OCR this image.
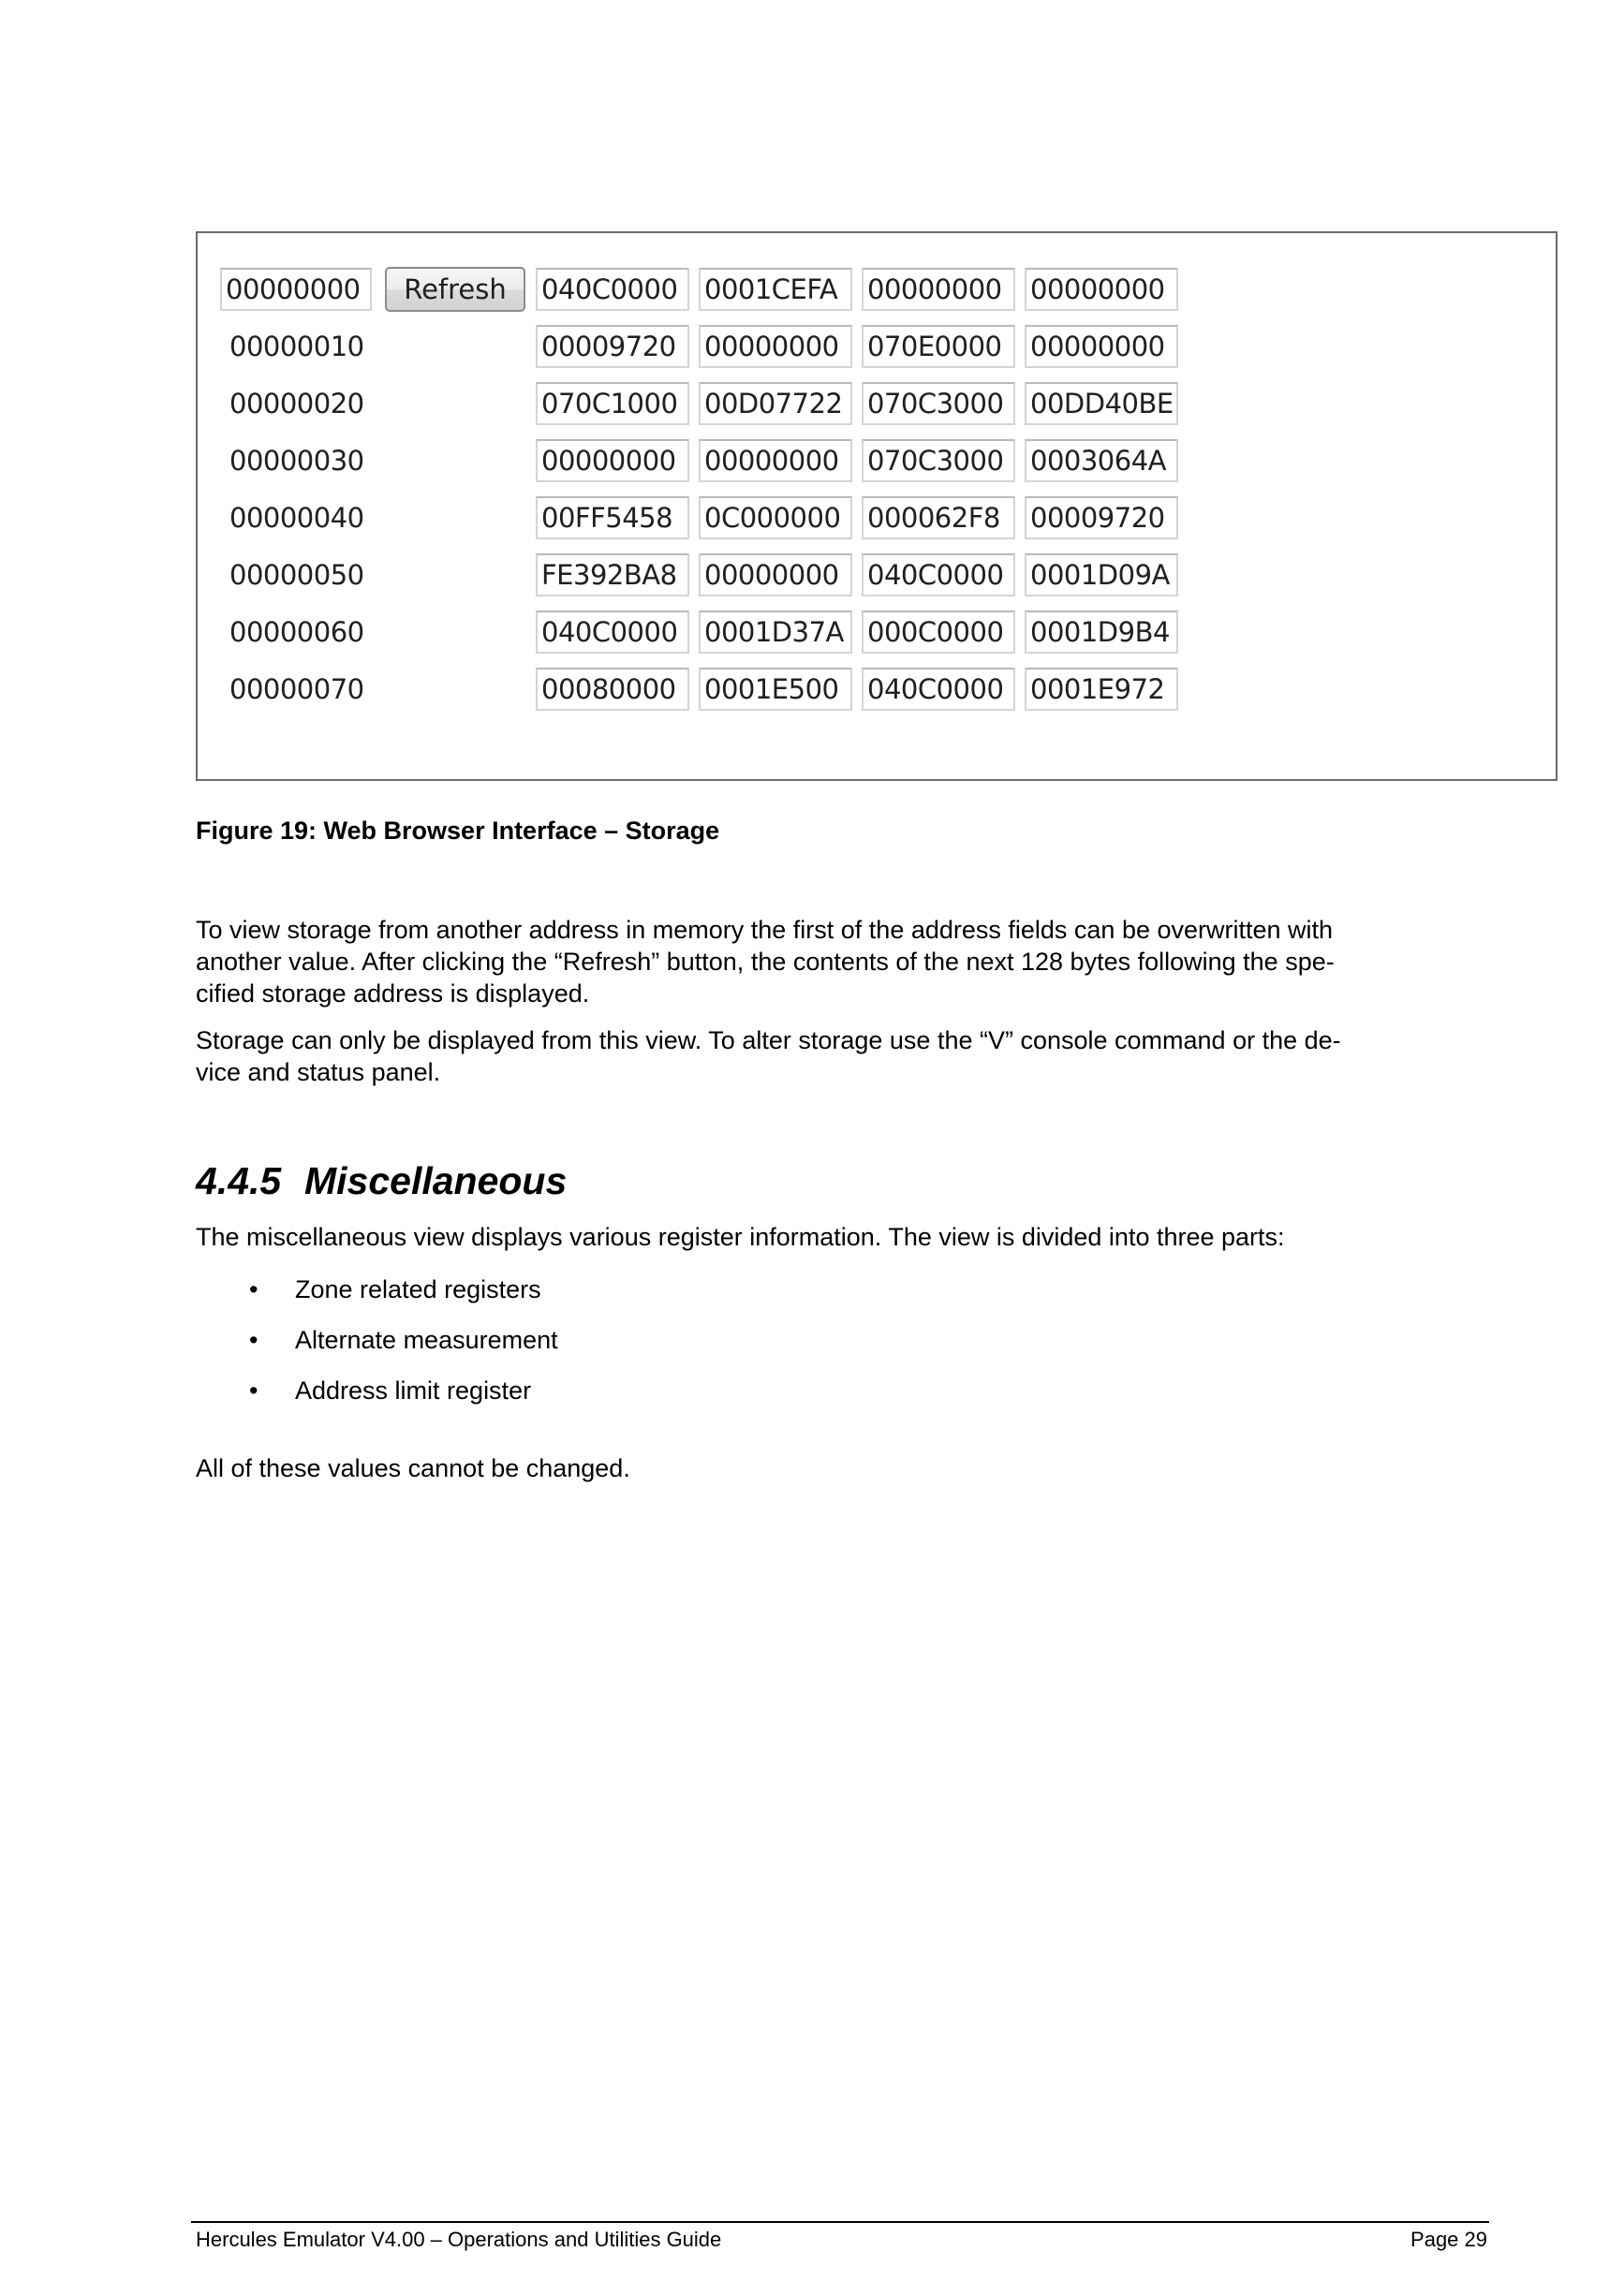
00000000
Refresh
040C0000
0001CEFA
00000000
00000000
00000010
00009720
00000000
070E0000
00000000
00000020
070C1000
00D07722
070C3000
00DD40BE
00000030
00000000
00000000
070C3000
0003064A
00000040
00FF5458
0C000000
000062F8
00009720
00000050
FE392BA8
00000000
040C0000
0001D09A
00000060
040C0000
0001D37A
000C0000
0001D9B4
00000070
00080000
0001E500
040C0000
0001E972
Figure 19: Web Browser Interface – Storage

To view storage from another address in memory the first of the address fields can be overwritten with
another value. After clicking the “Refresh” button, the contents of the next 128 bytes following the spe-
cified storage address is displayed.

Storage can only be displayed from this view. To alter storage use the “V” console command or the de-
vice and status panel.

4.4.5 Miscellaneous

The miscellaneous view displays various register information. The view is divided into three parts:

• Zone related registers
• Alternate measurement
• Address limit register

All of these values cannot be changed.

Hercules Emulator V4.00 – Operations and Utilities Guide	Page 29
